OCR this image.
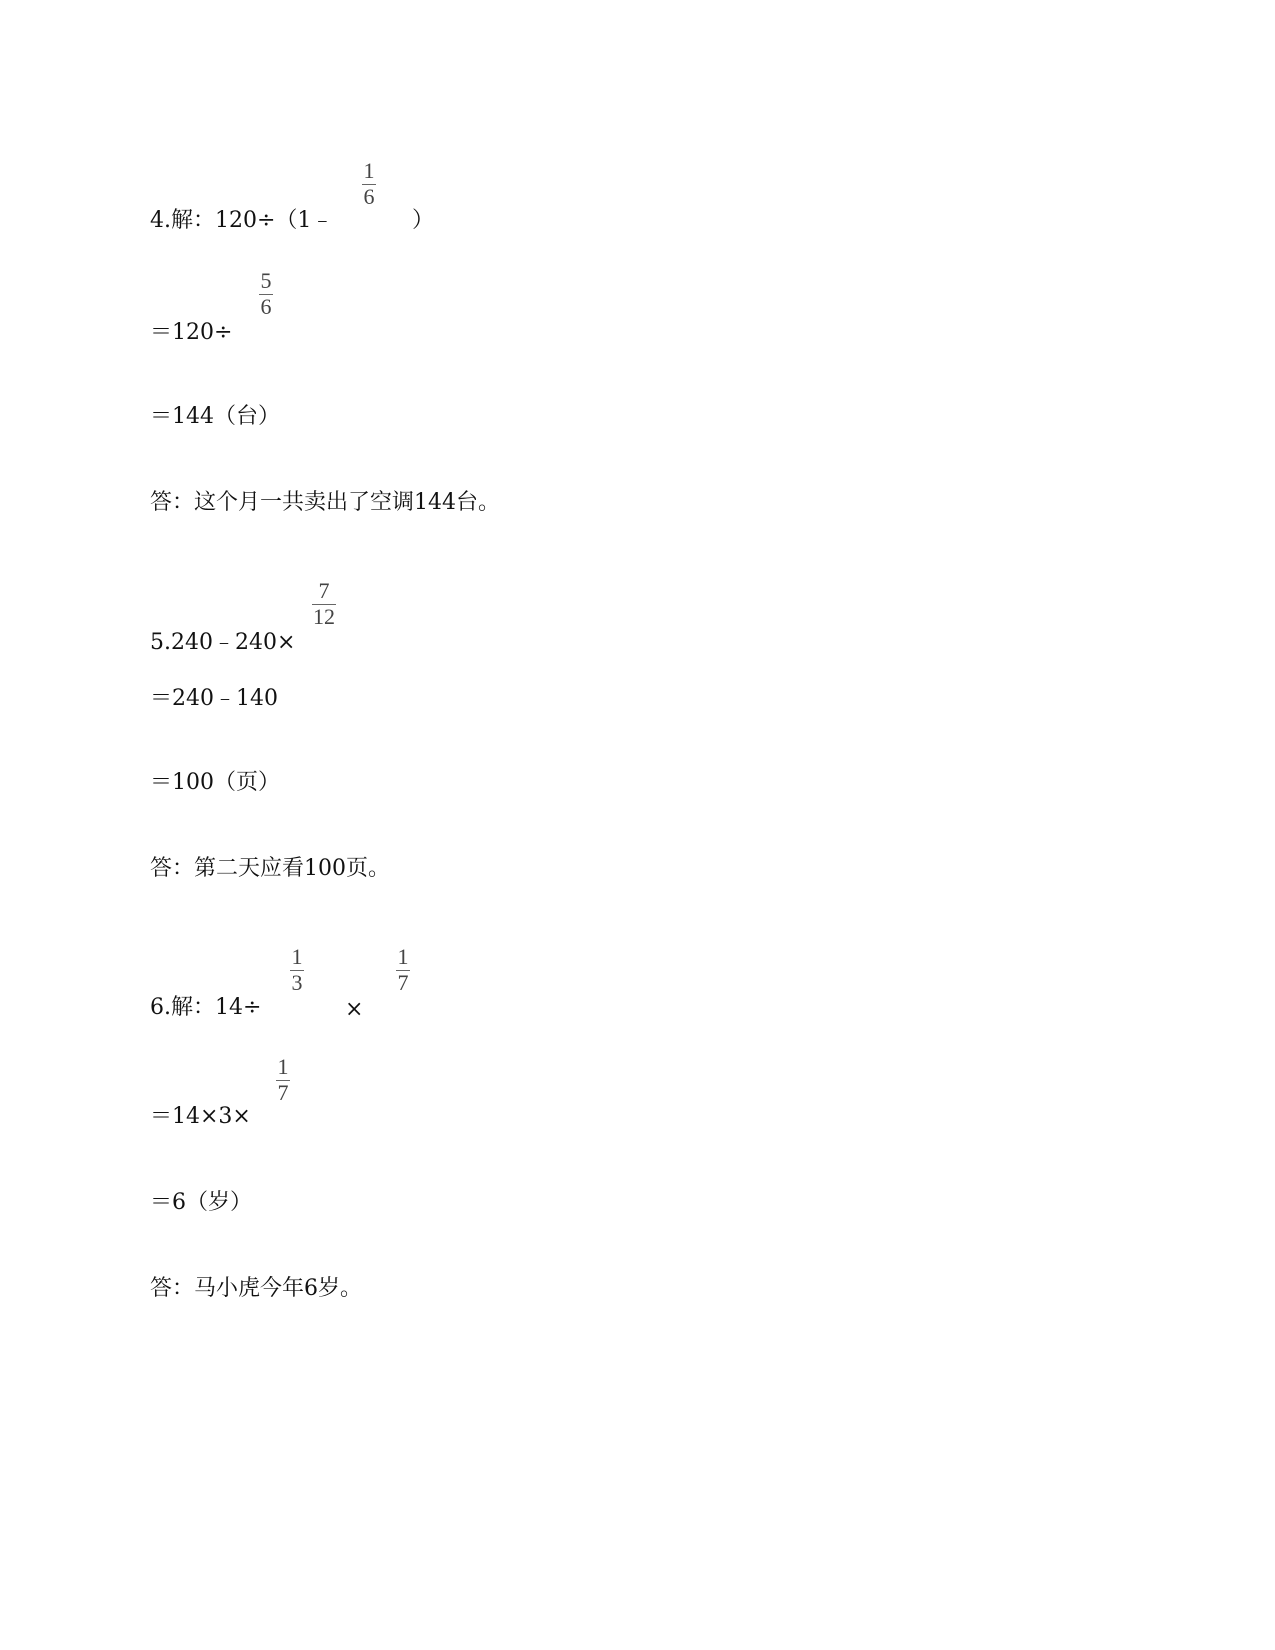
4.解：120÷（1﹣
1
6
）
＝120÷
5
6
＝144（台）
答：这个月一共卖出了空调144台。
5.240﹣240×
7
12
＝240﹣140
＝100（页）
答：第二天应看100页。
6.解：14÷
1
3
×
1
7
＝14×3×
1
7
＝6（岁）
答：马小虎今年6岁。
